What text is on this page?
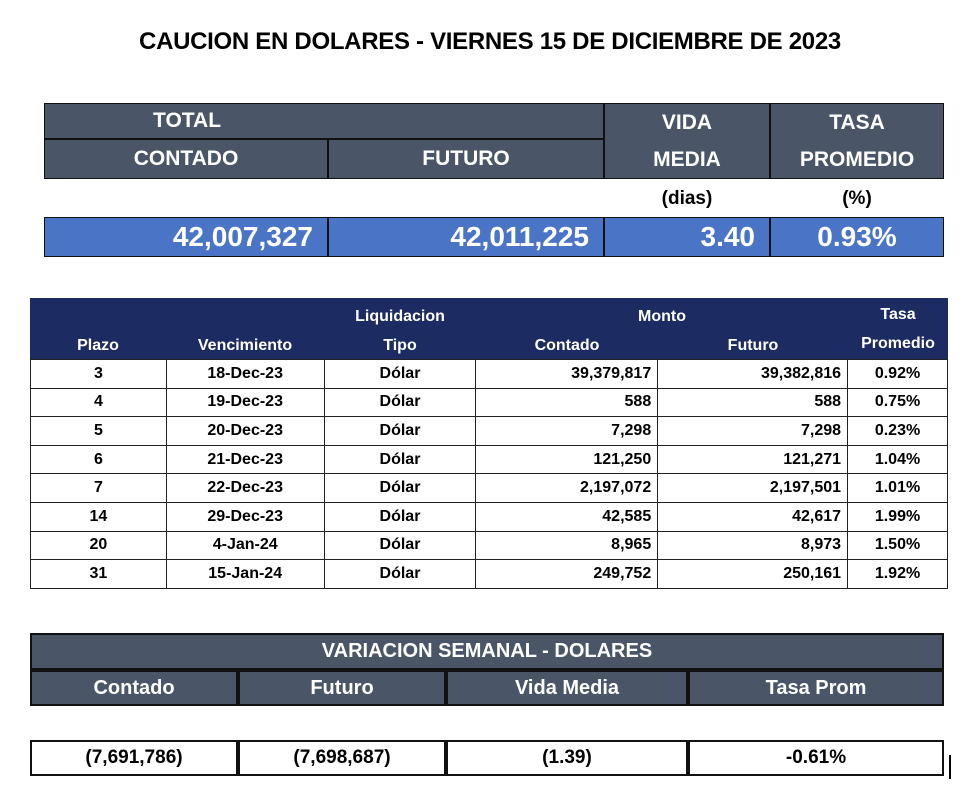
CAUCION EN DOLARES - VIERNES 15 DE DICIEMBRE DE 2023
TOTAL
CONTADO	FUTURO
VIDA
MEDIA
TASA
PROMEDIO
(dias)	(%)
42,007,327	42,011,225	3.40	0.93%
Plazo	Vencimiento
Liquidacion
Tipo
Monto
Contado	Futuro
Tasa
Promedio
3	18-Dec-23	Dólar	39,379,817	39,382,816	0.92%
4	19-Dec-23	Dólar	588	588	0.75%
5	20-Dec-23	Dólar	7,298	7,298	0.23%
6	21-Dec-23	Dólar	121,250	121,271	1.04%
7	22-Dec-23	Dólar	2,197,072	2,197,501	1.01%
14	29-Dec-23	Dólar	42,585	42,617	1.99%
20	4-Jan-24	Dólar	8,965	8,973	1.50%
31	15-Jan-24	Dólar	249,752	250,161	1.92%
VARIACION SEMANAL - DOLARES
Contado	Futuro	Vida Media	Tasa Prom
(7,691,786)	(7,698,687)	(1.39)	-0.61%
